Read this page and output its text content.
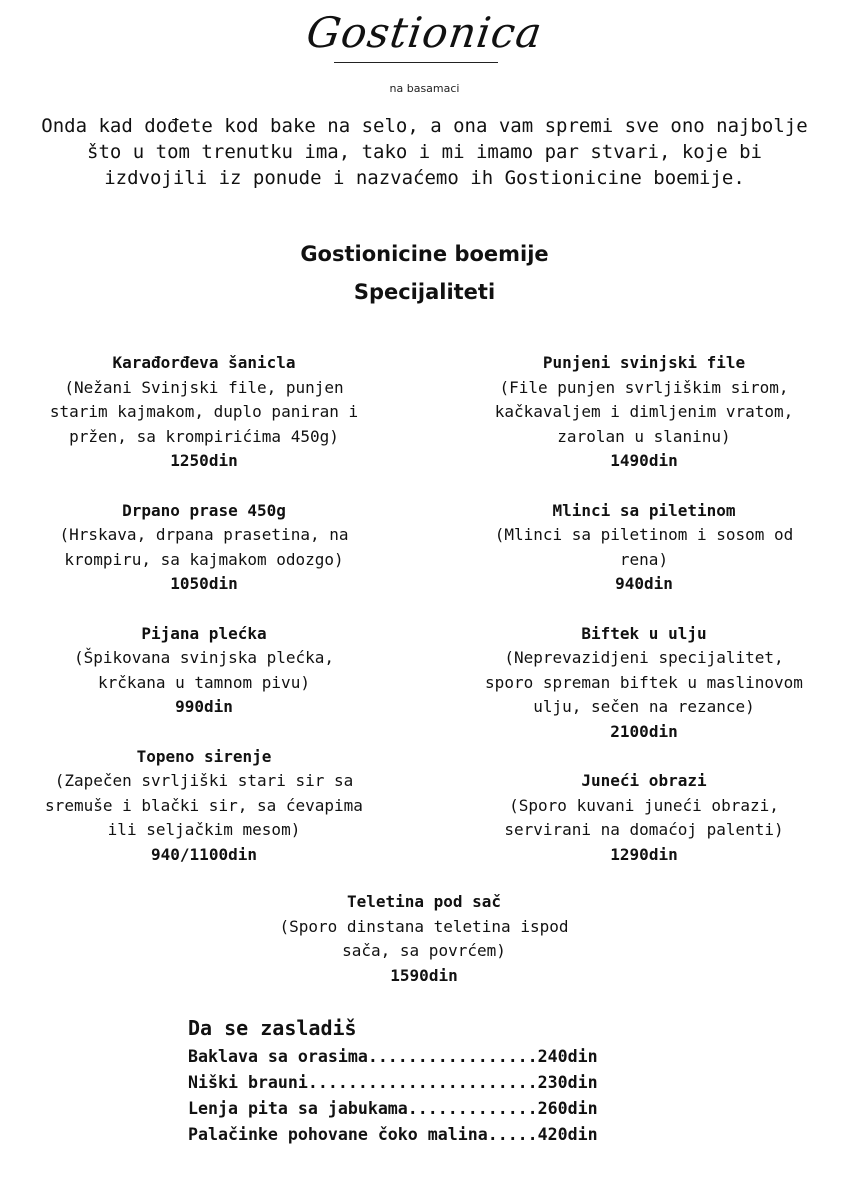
Gostionica
na basamaci
Onda kad dođete kod bake na selo, a ona vam spremi sve ono najbolje
što u tom trenutku ima, tako i mi imamo par stvari, koje bi
izdvojili iz ponude i nazvaćemo ih Gostionicine boemije.
Gostionicine boemije
Specijaliteti
Karađorđeva šanicla
(Nežani Svinjski file, punjen
starim kajmakom, duplo paniran i
pržen, sa krompirićima 450g)
1250din
Drpano prase 450g
(Hrskava, drpana prasetina, na
krompiru, sa kajmakom odozgo)
1050din
Pijana plećka
(Špikovana svinjska plećka,
krčkana u tamnom pivu)
990din
Topeno sirenje
(Zapečen svrljiški stari sir sa
sremuše i blački sir, sa ćevapima
ili seljačkim mesom)
940/1100din
Punjeni svinjski file
(File punjen svrljiškim sirom,
kačkavaljem i dimljenim vratom,
zarolan u slaninu)
1490din
Mlinci sa piletinom
(Mlinci sa piletinom i sosom od
rena)
940din
Biftek u ulju
(Neprevazidjeni specijalitet,
sporo spreman biftek u maslinovom
ulju, sečen na rezance)
2100din
Juneći obrazi
(Sporo kuvani juneći obrazi,
servirani na domaćoj palenti)
1290din
Teletina pod sač
(Sporo dinstana teletina ispod
sača, sa povrćem)
1590din
Da se zasladiš
Baklava sa orasima.................240din
Niški brauni.......................230din
Lenja pita sa jabukama.............260din
Palačinke pohovane čoko malina.....420din
